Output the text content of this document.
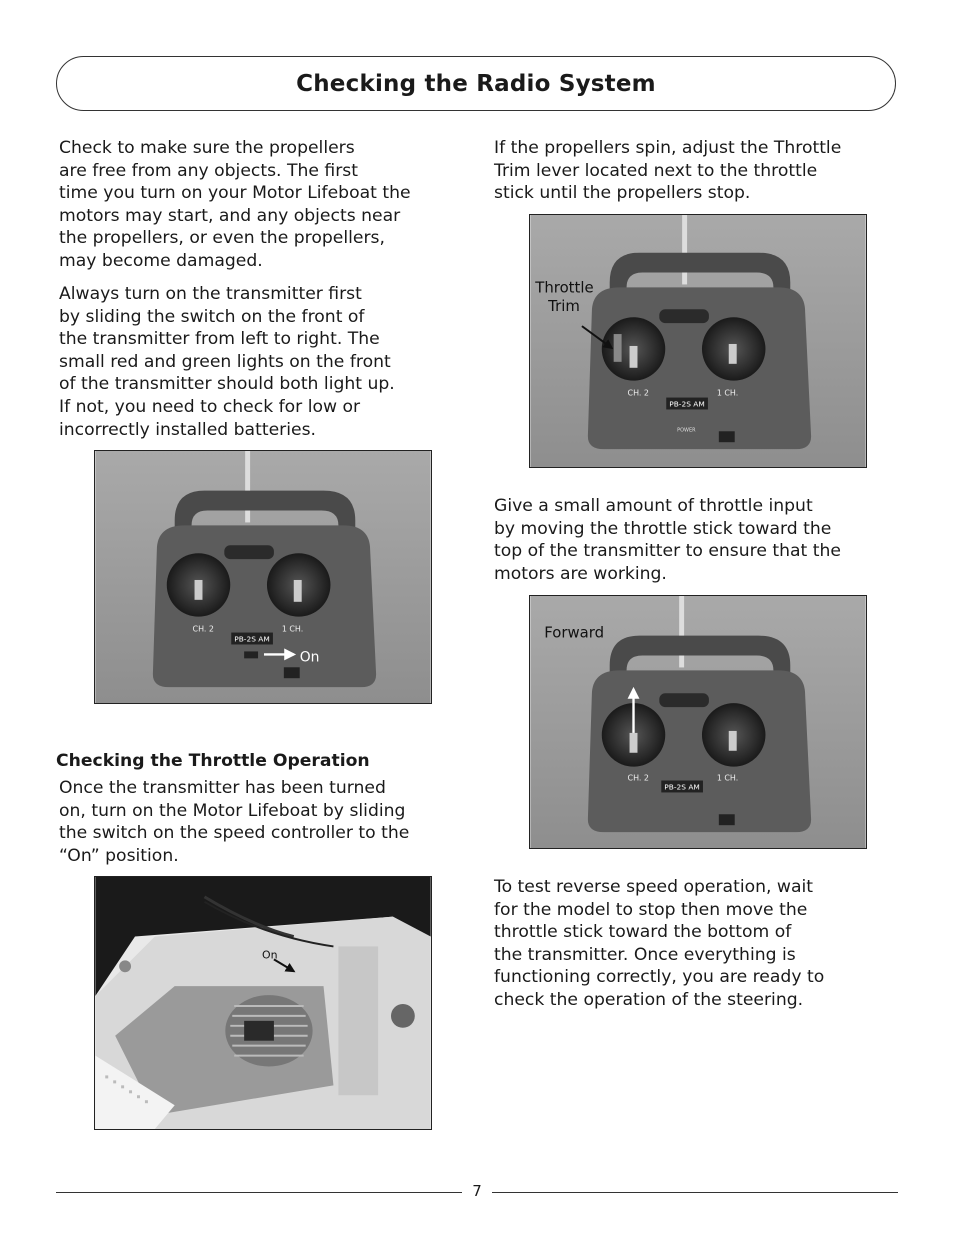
Checking the Radio System

Check to make sure the propellers
are free from any objects. The first
time you turn on your Motor Lifeboat the
motors may start, and any objects near
the propellers, or even the propellers,
may become damaged.

Always turn on the transmitter first
by sliding the switch on the front of
the transmitter from left to right. The
small red and green lights on the front
of the transmitter should both light up.
If not, you need to check for low or
incorrectly installed batteries.

CH. 2	1 CH.
PB-2S AM
On

Checking the Throttle Operation

Once the transmitter has been turned
on, turn on the Motor Lifeboat by sliding
the switch on the speed controller to the
“On” position.

On

If the propellers spin, adjust the Throttle
Trim lever located next to the throttle
stick until the propellers stop.

CH. 2	1 CH.
PB-2S AM
POWER
Throttle
Trim

Give a small amount of throttle input
by moving the throttle stick toward the
top of the transmitter to ensure that the
motors are working.

CH. 2	1 CH.
PB-2S AM
Forward

To test reverse speed operation, wait
for the model to stop then move the
throttle stick toward the bottom of
the transmitter. Once everything is
functioning correctly, you are ready to
check the operation of the steering.

7
